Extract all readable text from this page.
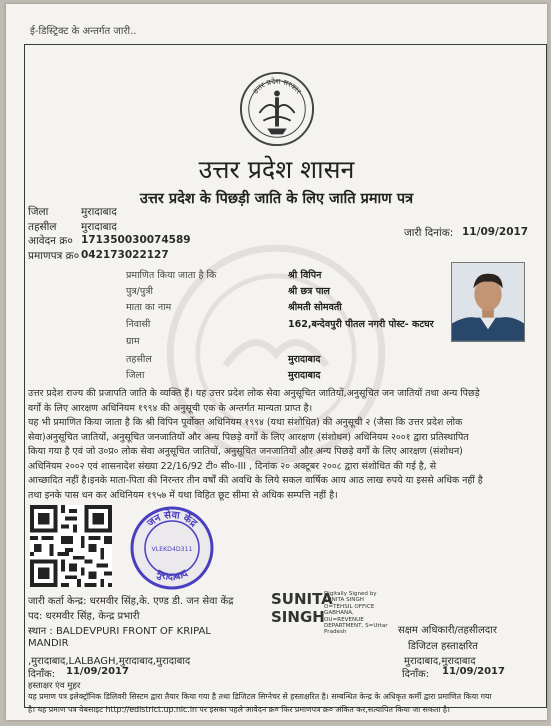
ई-डिस्ट्रिक्ट के अन्तर्गत जारी..
उत्तर प्रदेश सरकार
उत्तर प्रदेश शासन
उत्तर प्रदेश के पिछड़ी जाति के लिए जाति प्रमाण पत्र
जिला	मुरादाबाद
तहसील मुरादाबाद
आवेदन क्र० 171350030074589
प्रमाणपत्र क्र० 042173022127
जारी दिनांक: 11/09/2017
प्रमाणित किया जाता है कि	श्री विपिन
पुत्र/पुत्री	श्री छत्र पाल
माता का नाम	श्रीमती सोमवती
निवासी	162,बन्देवपुरी पीतल नगरी पोस्ट- कटघर
ग्राम
तहसील	मुरादाबाद
जिला	मुरादाबाद
उत्तर प्रदेश राज्य की प्रजापति जाति के व्यक्ति हैं। यह उत्तर प्रदेश लोक सेवा अनुसूचित जातियों,अनुसूचित जन जातियों तथा अन्य पिछड़े
वर्गों के लिए आरक्षण अधिनियम १९९४ की अनुसूची एक के अन्तर्गत मान्यता प्राप्त है।
यह भी प्रमाणित किया जाता है कि श्री विपिन पूर्वोक्त अधिनियम १९९४ (यथा संशोधित) की अनुसूची २ (जैसा कि उत्तर प्रदेश लोक
सेवा)अनुसूचित जातियों, अनुसूचित जनजातियों और अन्य पिछड़े वर्गों के लिए आरक्षण (संशोधन) अधिनियम २००१ द्वारा प्रतिस्थापित
किया गया है एवं जो उ०प्र० लोक सेवा अनुसूचित जातियों, अनुसूचित जनजातियों और अन्य पिछड़े वर्गों के लिए आरक्षण (संशोधन)
अधिनियम २००२ एवं शासनादेश संख्या 22/16/92 टी० सी०-III , दिनांक २० अक्टूबर २००८ द्वारा संशोधित की गई है, से
आच्छादित नहीं है।इनके माता-पिता की निरन्तर तीन वर्षों की अवधि के लिये सकल वार्षिक आय आठ लाख रुपये या इससे अधिक नहीं है
तथा इनके पास धन कर अधिनियम १९५७ में यथा विहित छूट सीमा से अधिक सम्पत्ति नहीं है।
जन सेवा केंद्र
मुरादाबाद
VLEKD4D311
जारी कर्ता केन्द्र: धरमवीर सिंह,के. एण्ड डी. जन सेवा केंद्र
पद: धरमवीर सिंह, केन्द्र प्रभारी
स्थान : BALDEVPURI FRONT OF KRIPAL
MANDIR
,मुरादाबाद,LALBAGH,मुरादाबाद,मुरादाबाद
दिनाँक: 11/09/2017
हस्ताक्षर एंव मुहर
SUNITA
SINGH
Digitally Signed by SUNITA SINGH O=TEHSIL OFFICE GABHANA, OU=REVENUE DEPARTMENT, S=Uttar Pradesh	सक्षम अधिकारी/तहसीलदार
डिजिटल हस्ताक्षरित
मुरादाबाद,मुरादाबाद
दिनाँक: 11/09/2017
यह प्रमाण पत्र इलेक्ट्रॉनिक डिलिवरी सिस्टम द्वारा तैयार किया गया है तथा डिजिटल सिग्नेचर से हस्ताक्षरित है। सम्बन्धित केन्द्र के अधिकृत कर्मी द्वारा प्रमाणित किया गया
है। यह प्रमाण पत्र वेबसाइट http://edistrict.up.nic.in पर इसका पहले आवेदन क्र० फिर प्रमाणपत्र क्र० अंकित कर,सत्यापित किया जा सकता है।
